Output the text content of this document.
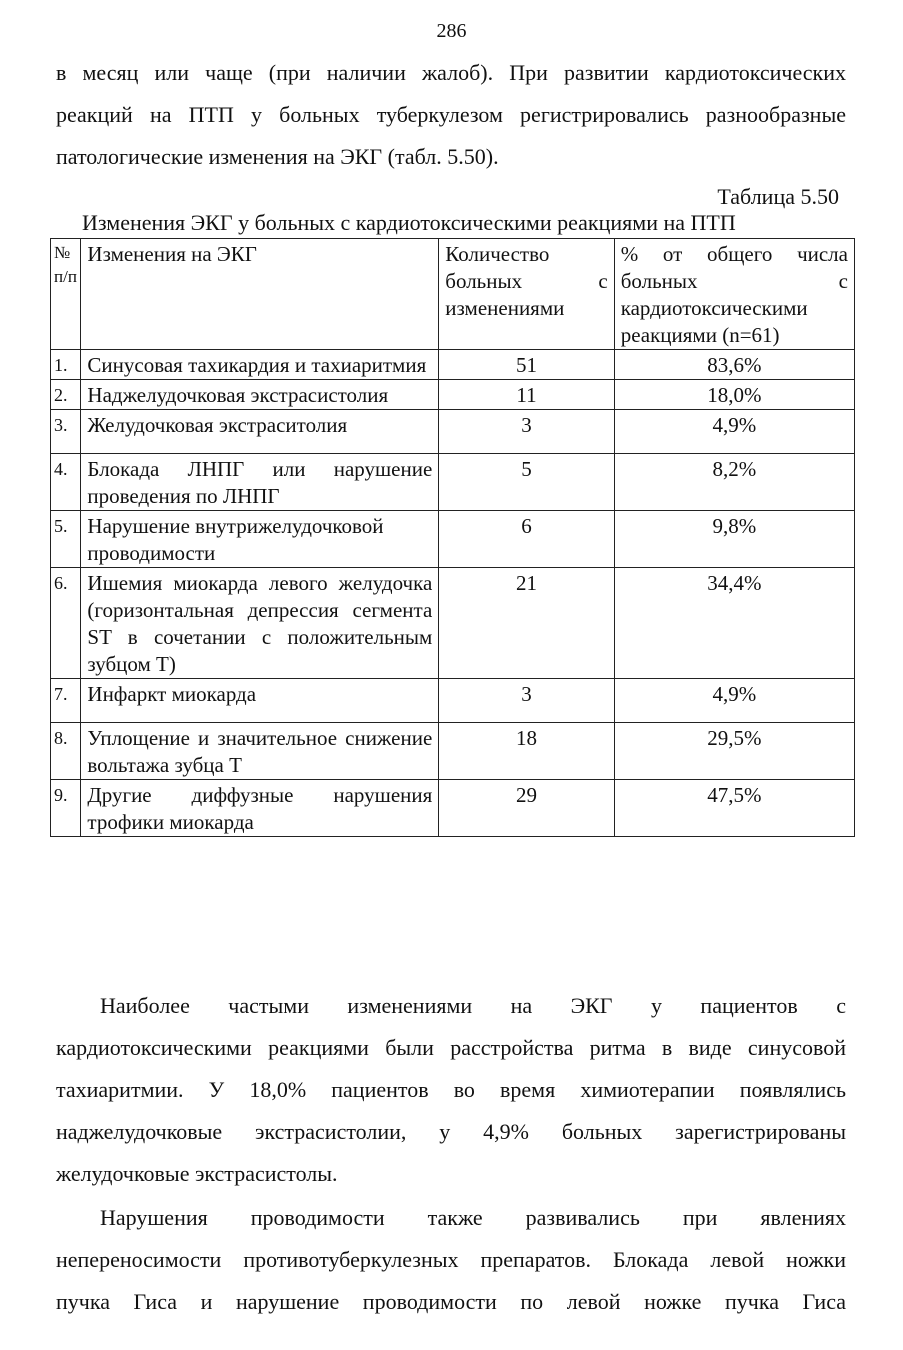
286
в месяц или чаще (при наличии жалоб). При развитии кардиотоксических
реакций на ПТП у больных туберкулезом регистрировались разнообразные
патологические изменения на ЭКГ (табл. 5.50).
Таблица 5.50
Изменения ЭКГ у больных с кардиотоксическими реакциями на ПТП
№ п/п	Изменения на ЭКГ	Количество больных с изменениями	% от общего числа больных с кардиотоксическими реакциями (n=61)
1.	Синусовая тахикардия и тахиаритмия	51	83,6%
2.	Наджелудочковая экстрасистолия	11	18,0%
3.	Желудочковая экстраситолия	3	4,9%
4.	Блокада ЛНПГ или нарушение проведения по ЛНПГ	5	8,2%
5.	Нарушение внутрижелудочковой проводимости	6	9,8%
6.	Ишемия миокарда левого желудочка (горизонтальная депрессия сегмента ST в сочетании с положительным зубцом T)	21	34,4%
7.	Инфаркт миокарда	3	4,9%
8.	Уплощение и значительное снижение вольтажа зубца Т	18	29,5%
9.	Другие диффузные нарушения трофики миокарда	29	47,5%
Наиболее частыми изменениями на ЭКГ у пациентов с
кардиотоксическими реакциями были расстройства ритма в виде синусовой
тахиаритмии. У 18,0% пациентов во время химиотерапии появлялись
наджелудочковые экстрасистолии, у 4,9% больных зарегистрированы
желудочковые экстрасистолы.
Нарушения проводимости также развивались при явлениях
непереносимости противотуберкулезных препаратов. Блокада левой ножки
пучка Гиса и нарушение проводимости по левой ножке пучка Гиса
